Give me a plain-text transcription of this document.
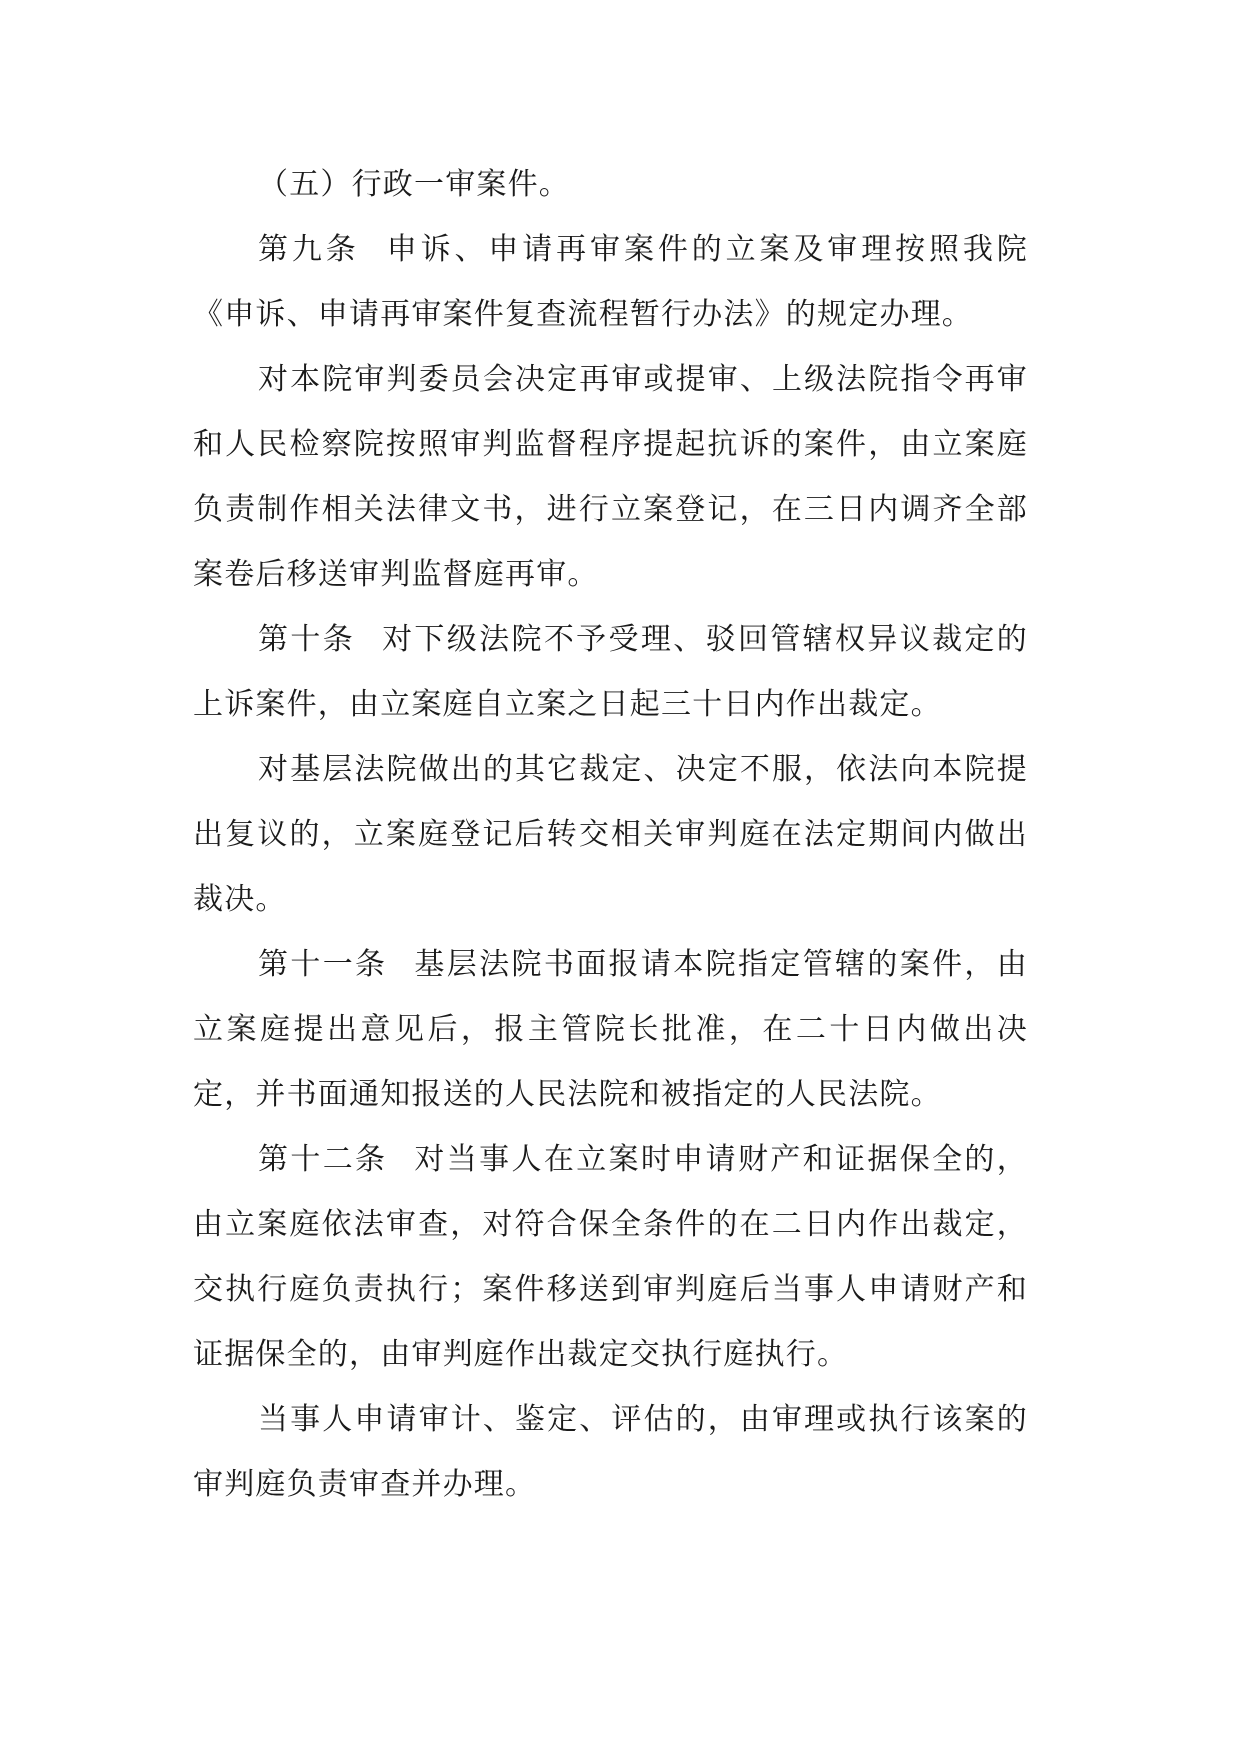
（五）行政一审案件。

第九条 申诉、申请再审案件的立案及审理按照我院《申诉、申请再审案件复查流程暂行办法》的规定办理。

对本院审判委员会决定再审或提审、上级法院指令再审和人民检察院按照审判监督程序提起抗诉的案件，由立案庭负责制作相关法律文书，进行立案登记，在三日内调齐全部案卷后移送审判监督庭再审。

第十条 对下级法院不予受理、驳回管辖权异议裁定的上诉案件，由立案庭自立案之日起三十日内作出裁定。

对基层法院做出的其它裁定、决定不服，依法向本院提出复议的，立案庭登记后转交相关审判庭在法定期间内做出裁决。

第十一条 基层法院书面报请本院指定管辖的案件，由立案庭提出意见后，报主管院长批准，在二十日内做出决定，并书面通知报送的人民法院和被指定的人民法院。

第十二条 对当事人在立案时申请财产和证据保全的，由立案庭依法审查，对符合保全条件的在二日内作出裁定，交执行庭负责执行；案件移送到审判庭后当事人申请财产和证据保全的，由审判庭作出裁定交执行庭执行。

当事人申请审计、鉴定、评估的，由审理或执行该案的审判庭负责审查并办理。
